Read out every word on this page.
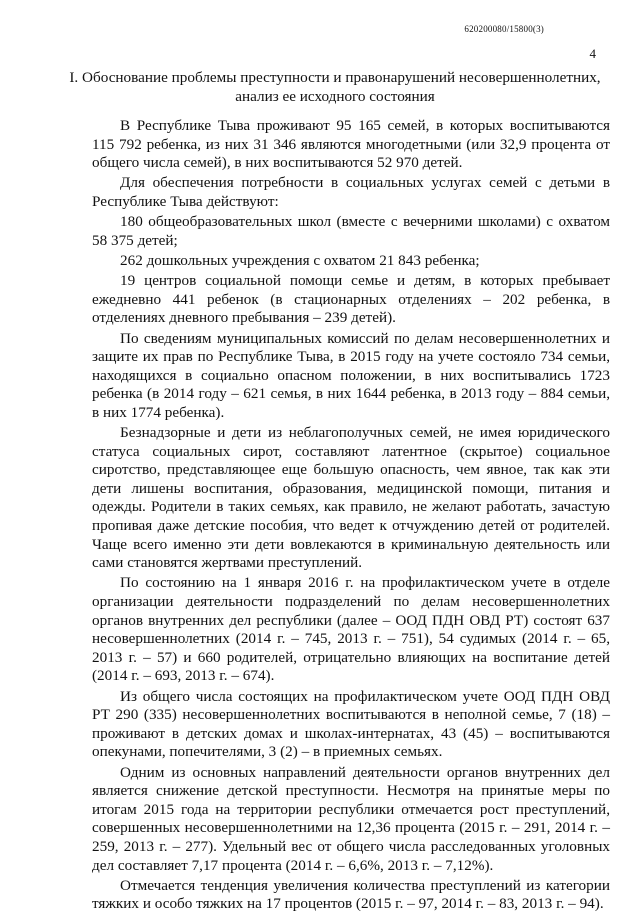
620200080/15800(3)
4
I. Обоснование проблемы преступности и правонарушений несовершеннолетних, анализ ее исходного состояния

В Республике Тыва проживают 95 165 семей, в которых воспитываются 115 792 ребенка, из них 31 346 являются многодетными (или 32,9 процента от общего числа семей), в них воспитываются 52 970 детей.

Для обеспечения потребности в социальных услугах семей с детьми в Республике Тыва действуют:

180 общеобразовательных школ (вместе с вечерними школами) с охватом 58 375 детей;

262 дошкольных учреждения с охватом 21 843 ребенка;

19 центров социальной помощи семье и детям, в которых пребывает ежедневно 441 ребенок (в стационарных отделениях – 202 ребенка, в отделениях дневного пребывания – 239 детей).

По сведениям муниципальных комиссий по делам несовершеннолетних и защите их прав по Республике Тыва, в 2015 году на учете состояло 734 семьи, находящихся в социально опасном положении, в них воспитывались 1723 ребенка (в 2014 году – 621 семья, в них 1644 ребенка, в 2013 году – 884 семьи, в них 1774 ребенка).

Безнадзорные и дети из неблагополучных семей, не имея юридического статуса социальных сирот, составляют латентное (скрытое) социальное сиротство, представляющее еще большую опасность, чем явное, так как эти дети лишены воспитания, образования, медицинской помощи, питания и одежды. Родители в таких семьях, как правило, не желают работать, зачастую пропивая даже детские пособия, что ведет к отчуждению детей от родителей. Чаще всего именно эти дети вовлекаются в криминальную деятельность или сами становятся жертвами преступлений.

По состоянию на 1 января 2016 г. на профилактическом учете в отделе организации деятельности подразделений по делам несовершеннолетних органов внутренних дел республики (далее – ООД ПДН ОВД РТ) состоят 637 несовершеннолетних (2014 г. – 745, 2013 г. – 751), 54 судимых (2014 г. – 65, 2013 г. – 57) и 660 родителей, отрицательно влияющих на воспитание детей (2014 г. – 693, 2013 г. – 674).

Из общего числа состоящих на профилактическом учете ООД ПДН ОВД РТ 290 (335) несовершеннолетних воспитываются в неполной семье, 7 (18) – проживают в детских домах и школах-интернатах, 43 (45) – воспитываются опекунами, попечителями, 3 (2) – в приемных семьях.

Одним из основных направлений деятельности органов внутренних дел является снижение детской преступности. Несмотря на принятые меры по итогам 2015 года на территории республики отмечается рост преступлений, совершенных несовершеннолетними на 12,36 процента (2015 г. – 291, 2014 г. – 259, 2013 г. – 277). Удельный вес от общего числа расследованных уголовных дел составляет 7,17 процента (2014 г. – 6,6%, 2013 г. – 7,12%).

Отмечается тенденция увеличения количества преступлений из категории тяжких и особо тяжких на 17 процентов (2015 г. – 97, 2014 г. – 83, 2013 г. – 94).
